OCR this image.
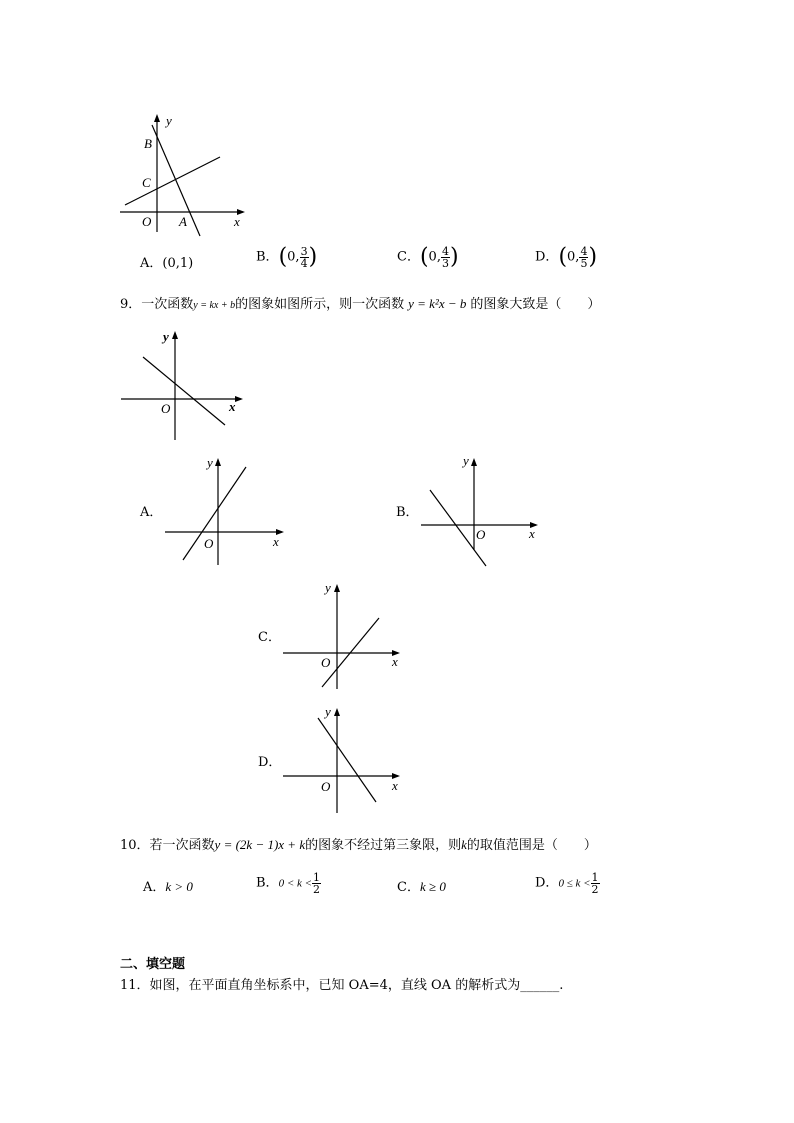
y
x
B
C
O A
A．(0,1)	B．(0, $\frac{3}{4}$ )	C．(0, $\frac{4}{3}$ )	D．(0, $\frac{4}{5}$ )
9．一次函数y = kx + b的图象如图所示，则一次函数 y = k²x − b 的图象大致是（　　）
y
x
O
A．
y
x
O
B．
y
x
O
C．
y
x
O
D．
y
x
O
10．若一次函数y = (2k − 1)x + k的图象不经过第三象限，则k的取值范围是（　　）
A．k > 0	B．$0 < k < \frac{1}{2}$	C．k ≥ 0	D．$0 \le k < \frac{1}{2}$
二、填空题
11．如图，在平面直角坐标系中，已知 OA=4，直线 OA 的解析式为______.
